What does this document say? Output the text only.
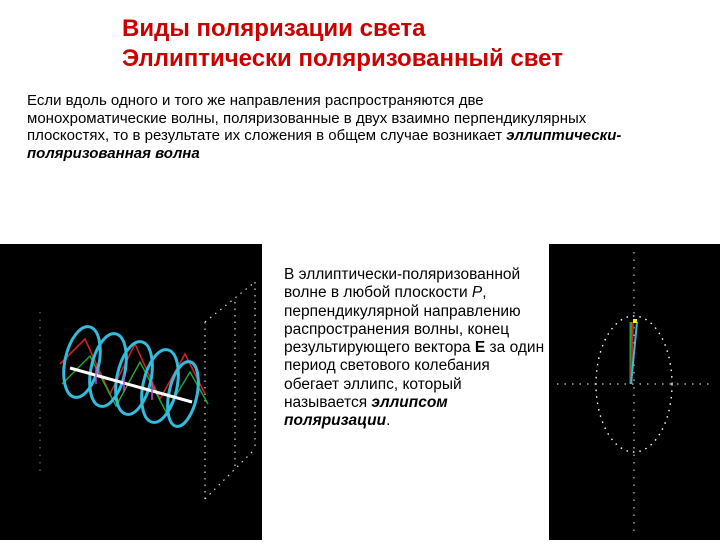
Виды поляризации света
Эллиптически поляризованный свет
Если вдоль одного и того же направления распространяются две монохроматические волны, поляризованные в двух взаимно перпендикулярных плоскостях, то в результате их сложения в общем случае возникает эллиптически-поляризованная волна
В эллиптически-поляризованной волне в любой плоскости Р, перпендикулярной направлению распространения волны, конец результирующего вектора Е за один период светового колебания обегает эллипс, который называется эллипсом поляризации.
